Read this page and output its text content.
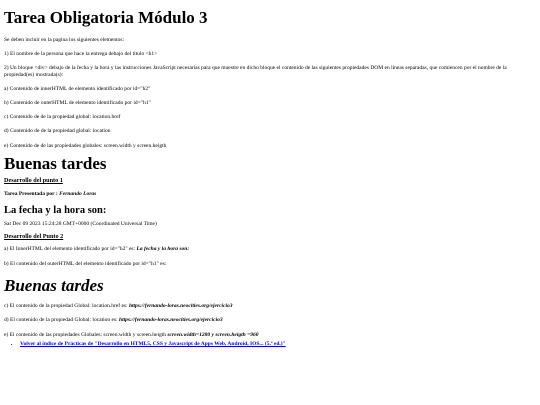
Tarea Obligatoria Módulo 3

Se deben incluir en la pagina los siguientes elementos:

1) El nombre de la persona que hace la entrega debajo del titulo <h1>

2) Un bloque <div> debajo de la fecha y la hora y las instrucciones JavaScript necesarias para que muestre en dicho bloque el contenido de las siguientes propiedades DOM en lineas separadas, que comiencen por el nombre de la propiedad(es) mostrada(s):

a) Contenido de innerHTML de elemento identificado por id="h2"

b) Contenido de outerHTML de elemento identificado por id="h1"

c) Contenido de de la propiedad global: location.href

d) Contenido de de la propiedad global: location

e) Contenido de de las propiedades globales: screen.width y screen.heigth

Buenas tardes
Desarrollo del punto 1

Tarea Presentada por : Fernando Loras

La fecha y la hora son:

Sat Dec 09 2023 15:24:28 GMT+0000 (Coordinated Universal Time)

Desarrollo del Punto 2

a) El InnerHTML del elemento identificado por id="h2" es: La fecha y la hora son:

b) El contenido del outerHTML del elemento identificado por id="h1" es:

Buenas tardes

c) El contenido de la propiedad Global: location.href es: https://fernando-loras.neocities.org/ejercicio3

d) El contenido de la propiedad Global: location es: https://fernando-loras.neocities.org/ejercicio3

e) El contenido de las propiedades Globales: screen.width y screen.heigth screen.width=1280 y screen.heigth =960

• Volver al índice de Prácticas de "Desarrollo en HTML5, CSS y Javascript de Apps Web, Android, IOS... (5.ª ed.)"
